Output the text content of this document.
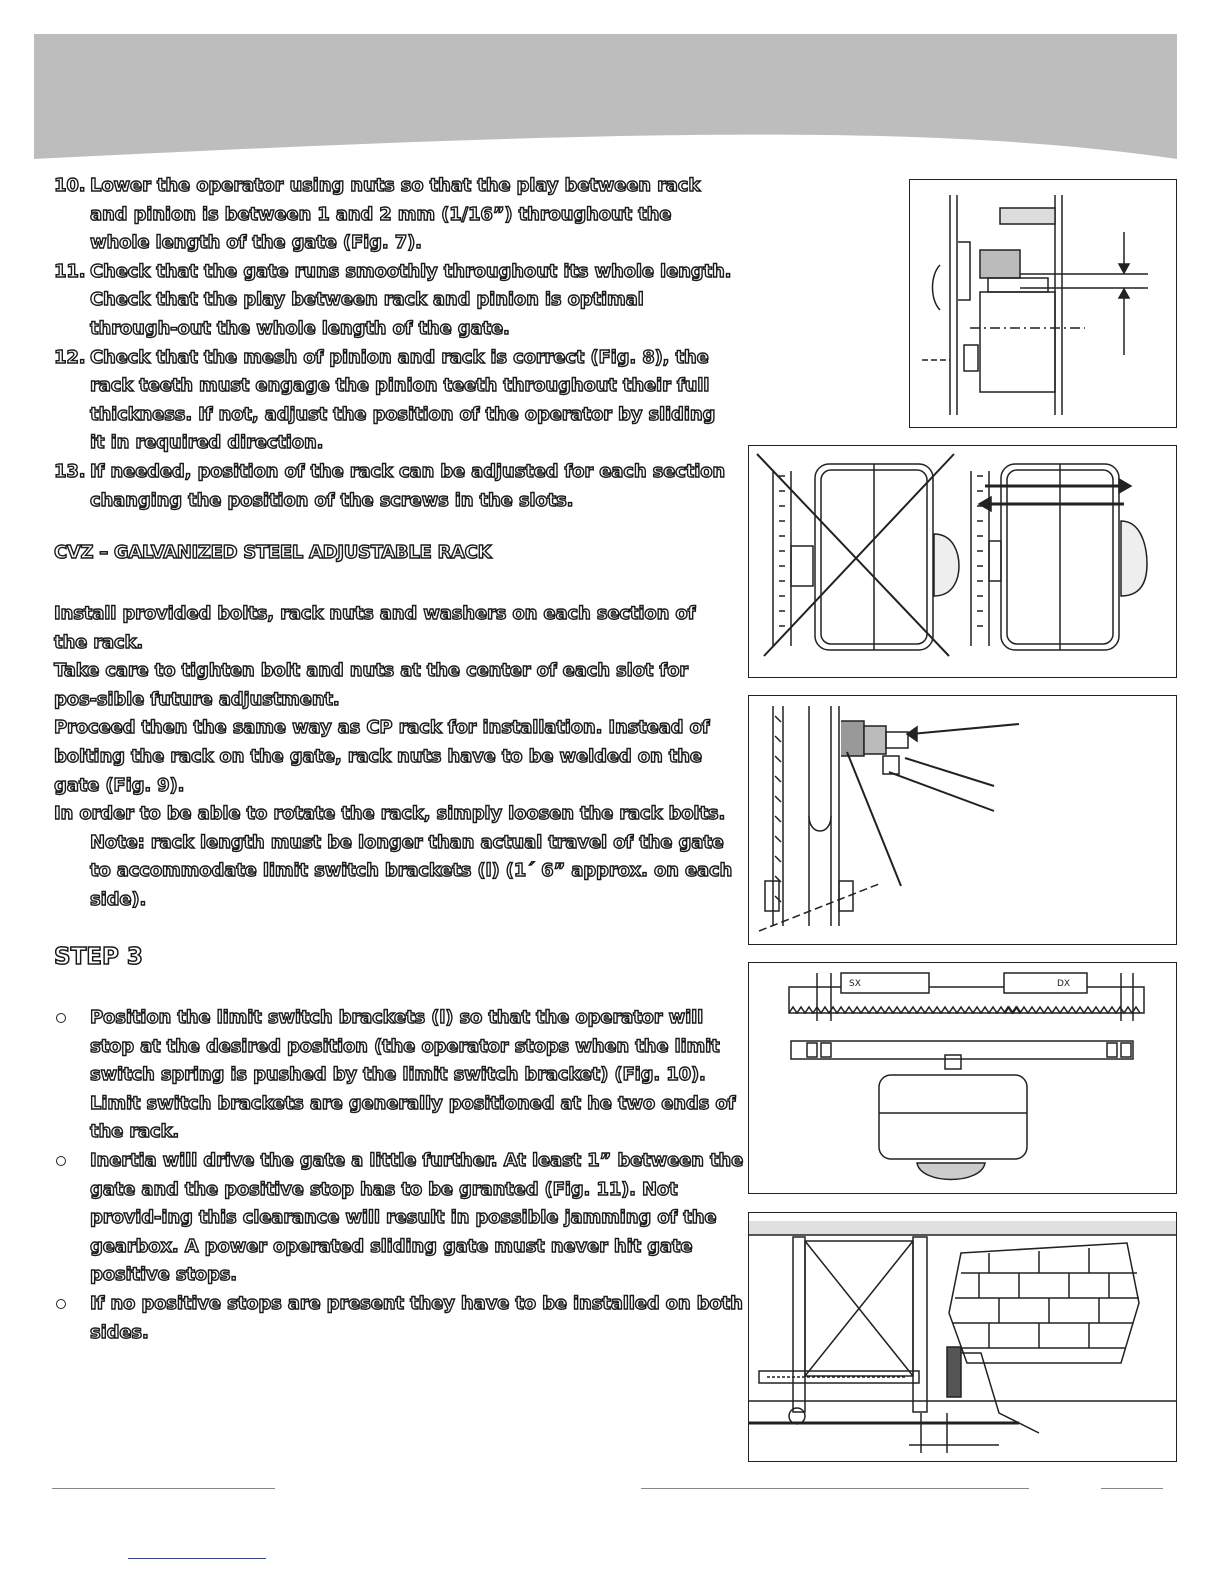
10. Lower the operator using nuts so that the play between rack and pinion is between 1 and 2 mm (1/16”) throughout the whole length of the gate (Fig. 7).
11. Check that the gate runs smoothly throughout its whole length. Check that the play between rack and pinion is optimal through-out the whole length of the gate.
12. Check that the mesh of pinion and rack is correct (Fig. 8), the rack teeth must engage the pinion teeth throughout their full thickness. If not, adjust the position of the operator by sliding it in required direction.
13. If needed, position of the rack can be adjusted for each section changing the position of the screws in the slots.
CVZ – GALVANIZED STEEL ADJUSTABLE RACK

Install provided bolts, rack nuts and washers on each section of the rack.

Take care to tighten bolt and nuts at the center of each slot for pos-sible future adjustment.

Proceed then the same way as CP rack for installation. Instead of bolting the rack on the gate, rack nuts have to be welded on the gate (Fig. 9).

In order to be able to rotate the rack, simply loosen the rack bolts.

Note: rack length must be longer than actual travel of the gate to accommodate limit switch brackets (l) (1´ 6” approx. on each side).

STEP 3
Position the limit switch brackets (l) so that the operator will stop at the desired position (the operator stops when the limit switch spring is pushed by the limit switch bracket) (Fig. 10). Limit switch brackets are generally positioned at he two ends of the rack.
Inertia will drive the gate a little further. At least 1” between the gate and the positive stop has to be granted (Fig. 11). Not provid-ing this clearance will result in possible jamming of the gearbox. A power operated sliding gate must never hit gate positive stops.
If no positive stops are present they have to be installed on both sides.
SX	DX
